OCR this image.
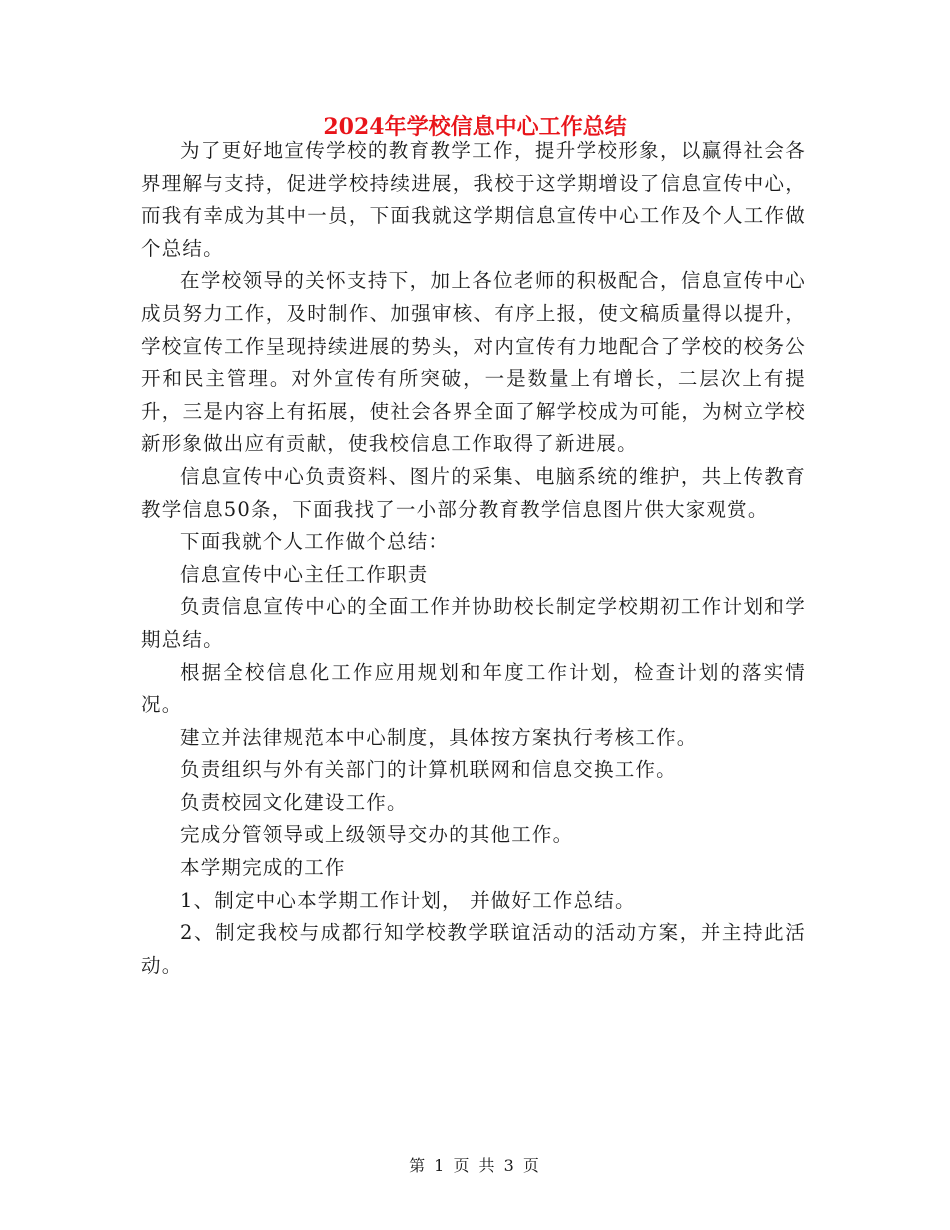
2024年学校信息中心工作总结

为了更好地宣传学校的教育教学工作，提升学校形象，以赢得社会各界理解与支持，促进学校持续进展，我校于这学期增设了信息宣传中心，而我有幸成为其中一员，下面我就这学期信息宣传中心工作及个人工作做个总结。

在学校领导的关怀支持下，加上各位老师的积极配合，信息宣传中心成员努力工作，及时制作、加强审核、有序上报，使文稿质量得以提升，学校宣传工作呈现持续进展的势头，对内宣传有力地配合了学校的校务公开和民主管理。对外宣传有所突破，一是数量上有增长，二层次上有提升，三是内容上有拓展，使社会各界全面了解学校成为可能，为树立学校新形象做出应有贡献，使我校信息工作取得了新进展。

信息宣传中心负责资料、图片的采集、电脑系统的维护，共上传教育教学信息50条，下面我找了一小部分教育教学信息图片供大家观赏。

下面我就个人工作做个总结：

信息宣传中心主任工作职责

负责信息宣传中心的全面工作并协助校长制定学校期初工作计划和学期总结。

根据全校信息化工作应用规划和年度工作计划，检查计划的落实情况。

建立并法律规范本中心制度，具体按方案执行考核工作。

负责组织与外有关部门的计算机联网和信息交换工作。

负责校园文化建设工作。

完成分管领导或上级领导交办的其他工作。

本学期完成的工作

1、制定中心本学期工作计划， 并做好工作总结。

2、制定我校与成都行知学校教学联谊活动的活动方案，并主持此活动。

第 1 页 共 3 页
